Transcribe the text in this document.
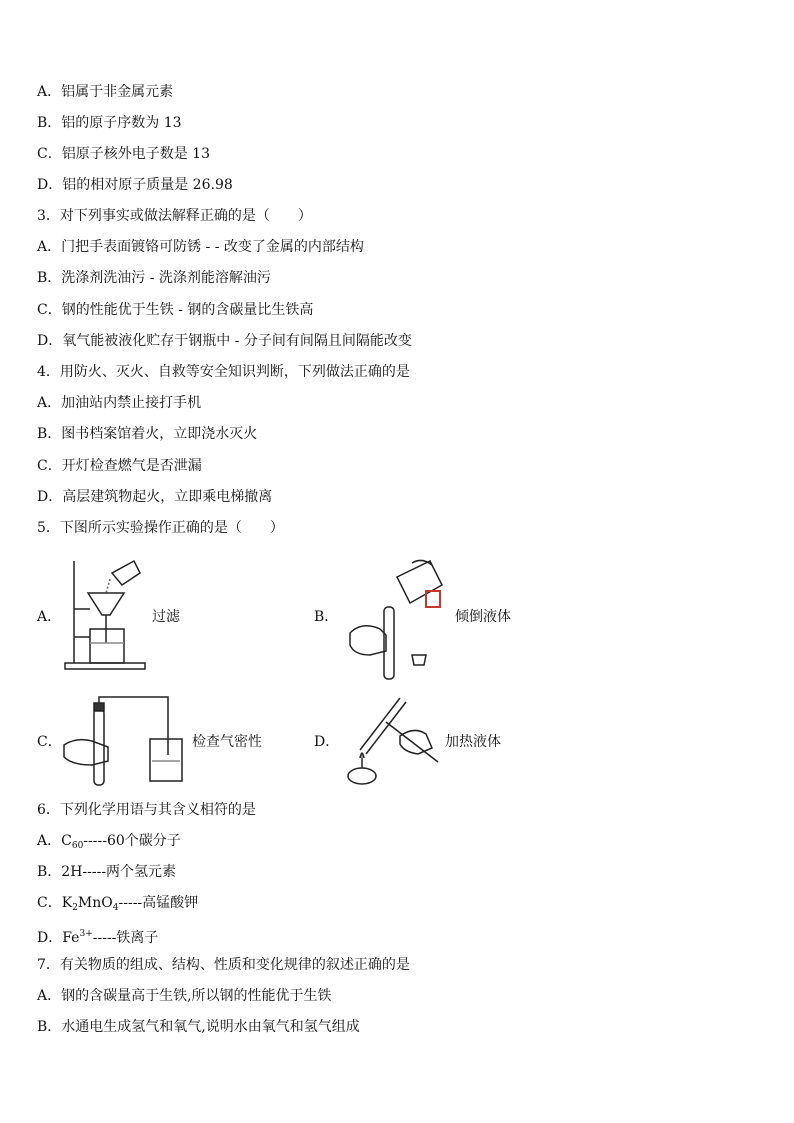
A．铝属于非金属元素
B．铝的原子序数为 13
C．铝原子核外电子数是 13
D．铝的相对原子质量是 26.98
3．对下列事实或做法解释正确的是（　　）
A．门把手表面镀铬可防锈 - - 改变了金属的内部结构
B．洗涤剂洗油污 - 洗涤剂能溶解油污
C．钢的性能优于生铁 - 钢的含碳量比生铁高
D．氧气能被液化贮存于钢瓶中 - 分子间有间隔且间隔能改变
4．用防火、灭火、自救等安全知识判断，下列做法正确的是
A．加油站内禁止接打手机
B．图书档案馆着火，立即浇水灭火
C．开灯检查燃气是否泄漏
D．高层建筑物起火，立即乘电梯撤离
5．下图所示实验操作正确的是（　　）
A．	过滤	B．	倾倒液体
C．	检查气密性	D．	加热液体
6．下列化学用语与其含义相符的是
A．$C_{60}-----60$个碳分子
B．2H-----两个氢元素
C．$K_2MnO_4-----$高锰酸钾
D．$Fe^{3+}-----$铁离子
7．有关物质的组成、结构、性质和变化规律的叙述正确的是
A．钢的含碳量高于生铁,所以钢的性能优于生铁
B．水通电生成氢气和氧气,说明水由氧气和氢气组成
